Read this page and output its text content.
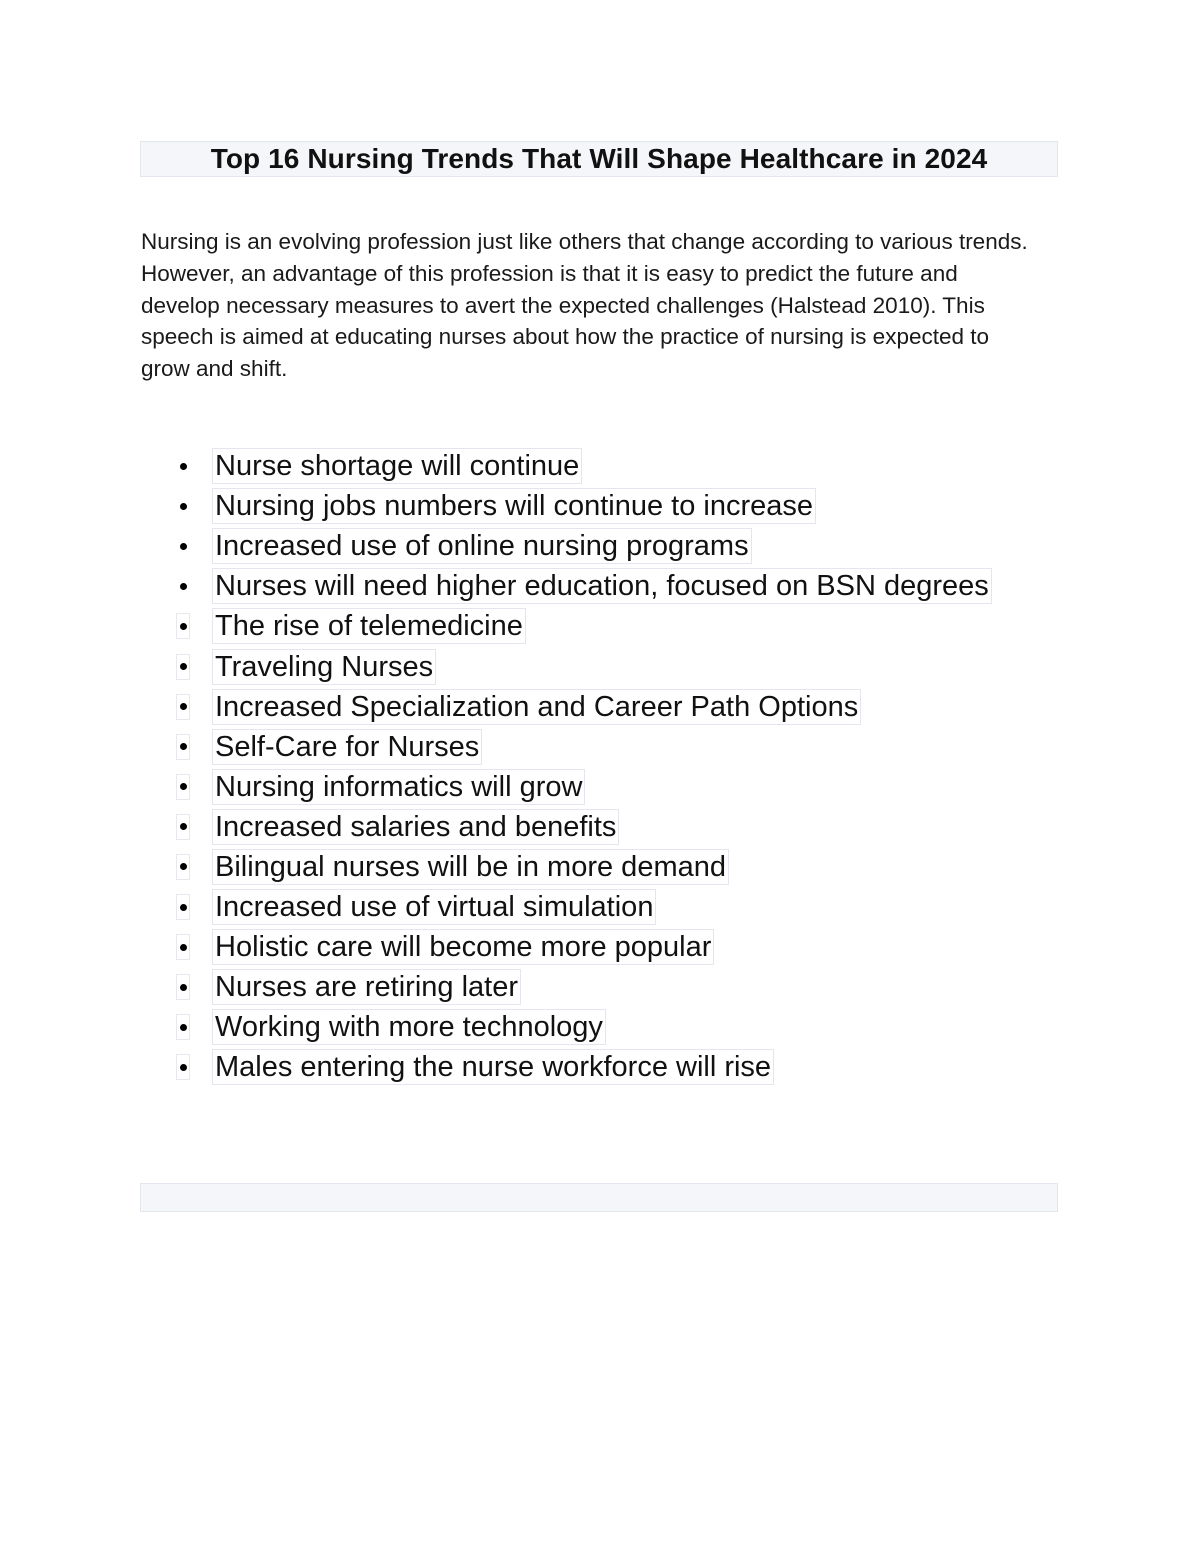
Top 16 Nursing Trends That Will Shape Healthcare in 2024

Nursing is an evolving profession just like others that change according to various trends. However, an advantage of this profession is that it is easy to predict the future and develop necessary measures to avert the expected challenges (Halstead 2010). This speech is aimed at educating nurses about how the practice of nursing is expected to grow and shift.

Nurse shortage will continue
Nursing jobs numbers will continue to increase
Increased use of online nursing programs
Nurses will need higher education, focused on BSN degrees
The rise of telemedicine
Traveling Nurses
Increased Specialization and Career Path Options
Self-Care for Nurses
Nursing informatics will grow
Increased salaries and benefits
Bilingual nurses will be in more demand
Increased use of virtual simulation
Holistic care will become more popular
Nurses are retiring later
Working with more technology
Males entering the nurse workforce will rise
